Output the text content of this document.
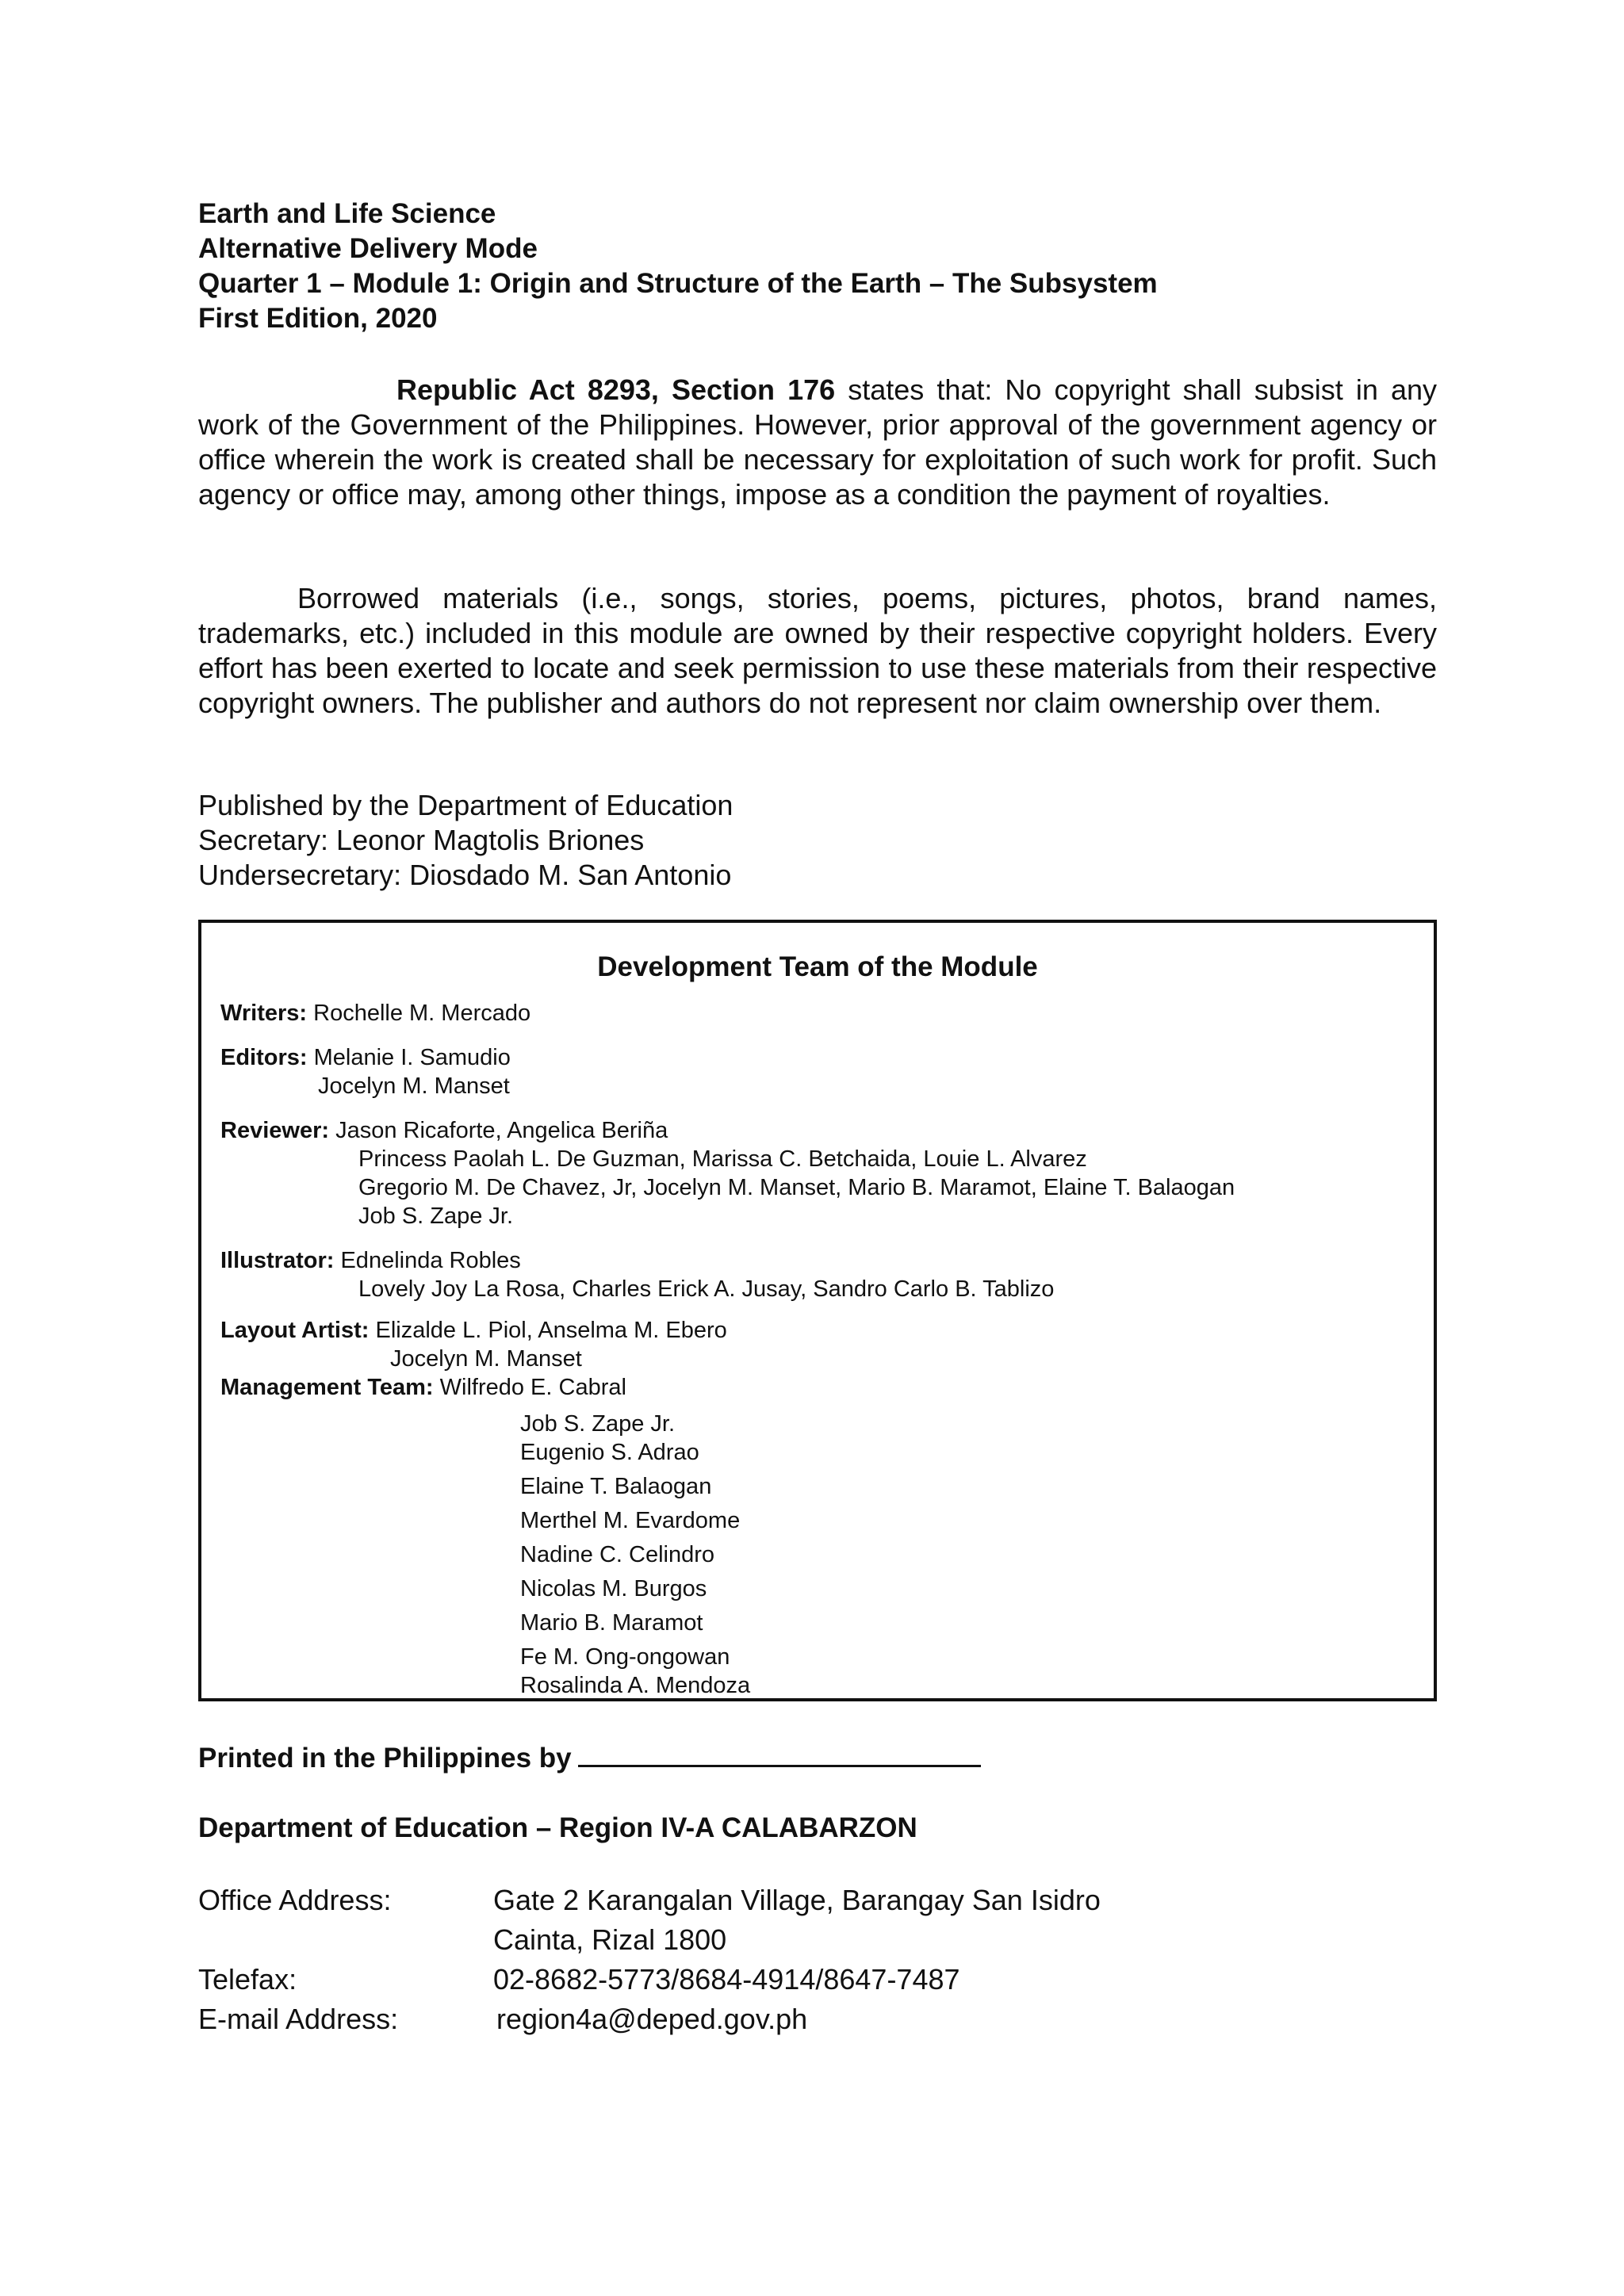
Earth and Life Science
Alternative Delivery Mode
Quarter 1 – Module 1: Origin and Structure of the Earth – The Subsystem
First Edition, 2020
Republic Act 8293, Section 176 states that: No copyright shall subsist in any work of the Government of the Philippines. However, prior approval of the government agency or office wherein the work is created shall be necessary for exploitation of such work for profit. Such agency or office may, among other things, impose as a condition the payment of royalties.
Borrowed materials (i.e., songs, stories, poems, pictures, photos, brand names, trademarks, etc.) included in this module are owned by their respective copyright holders. Every effort has been exerted to locate and seek permission to use these materials from their respective copyright owners. The publisher and authors do not represent nor claim ownership over them.
Published by the Department of Education
Secretary: Leonor Magtolis Briones
Undersecretary: Diosdado M. San Antonio
Development Team of the Module
Writers: Rochelle M. Mercado
Editors: Melanie I. Samudio
Jocelyn M. Manset
Reviewer: Jason Ricaforte, Angelica Beriña
Princess Paolah L. De Guzman, Marissa C. Betchaida, Louie L. Alvarez
Gregorio M. De Chavez, Jr, Jocelyn M. Manset, Mario B. Maramot, Elaine T. Balaogan
Job S. Zape Jr.
Illustrator: Ednelinda Robles
Lovely Joy La Rosa, Charles Erick A. Jusay, Sandro Carlo B. Tablizo
Layout Artist: Elizalde L. Piol, Anselma M. Ebero
Jocelyn M. Manset
Management Team: Wilfredo E. Cabral
Job S. Zape Jr.
Eugenio S. Adrao
Elaine T. Balaogan
Merthel M. Evardome
Nadine C. Celindro
Nicolas M. Burgos
Mario B. Maramot
Fe M. Ong-ongowan
Rosalinda A. Mendoza
Printed in the Philippines by
Department of Education – Region IV-A CALABARZON
Office Address:	Gate 2 Karangalan Village, Barangay San Isidro
Cainta, Rizal 1800
Telefax:	02-8682-5773/8684-4914/8647-7487
E-mail Address:	region4a@deped.gov.ph
